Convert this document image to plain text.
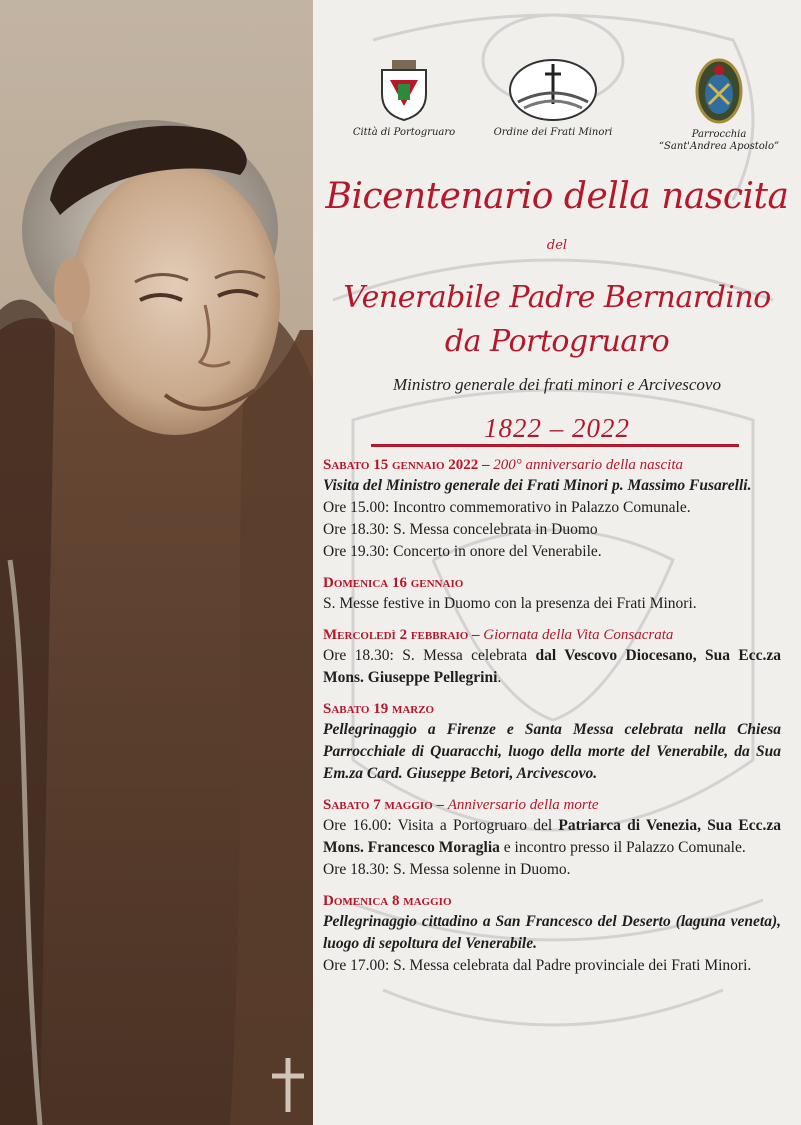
Città di Portogruaro	Ordine dei Frati Minori	Parrocchia
“Sant'Andrea Apostolo”
Bicentenario della nascita
del
Venerabile Padre Bernardino
da Portogruaro
Ministro generale dei frati minori e Arcivescovo
1822 – 2022
Sabato 15 gennaio 2022 – 200° anniversario della nascita
Visita del Ministro generale dei Frati Minori p. Massimo Fusarelli.
Ore 15.00: Incontro commemorativo in Palazzo Comunale.
Ore 18.30: S. Messa concelebrata in Duomo
Ore 19.30: Concerto in onore del Venerabile.
Domenica 16 gennaio
S. Messe festive in Duomo con la presenza dei Frati Minori.
Mercoledì 2 febbraio – Giornata della Vita Consacrata
Ore 18.30: S. Messa celebrata dal Vescovo Diocesano, Sua Ecc.za Mons. Giuseppe Pellegrini.
Sabato 19 marzo
Pellegrinaggio a Firenze e Santa Messa celebrata nella Chiesa Parrocchiale di Quaracchi, luogo della morte del Venerabile, da Sua Em.za Card. Giuseppe Betori, Arcivescovo.
Sabato 7 maggio – Anniversario della morte
Ore 16.00: Visita a Portogruaro del Patriarca di Venezia, Sua Ecc.za Mons. Francesco Moraglia e incontro presso il Palazzo Comunale.
Ore 18.30: S. Messa solenne in Duomo.
Domenica 8 maggio
Pellegrinaggio cittadino a San Francesco del Deserto (laguna veneta), luogo di sepoltura del Venerabile.
Ore 17.00: S. Messa celebrata dal Padre provinciale dei Frati Minori.
